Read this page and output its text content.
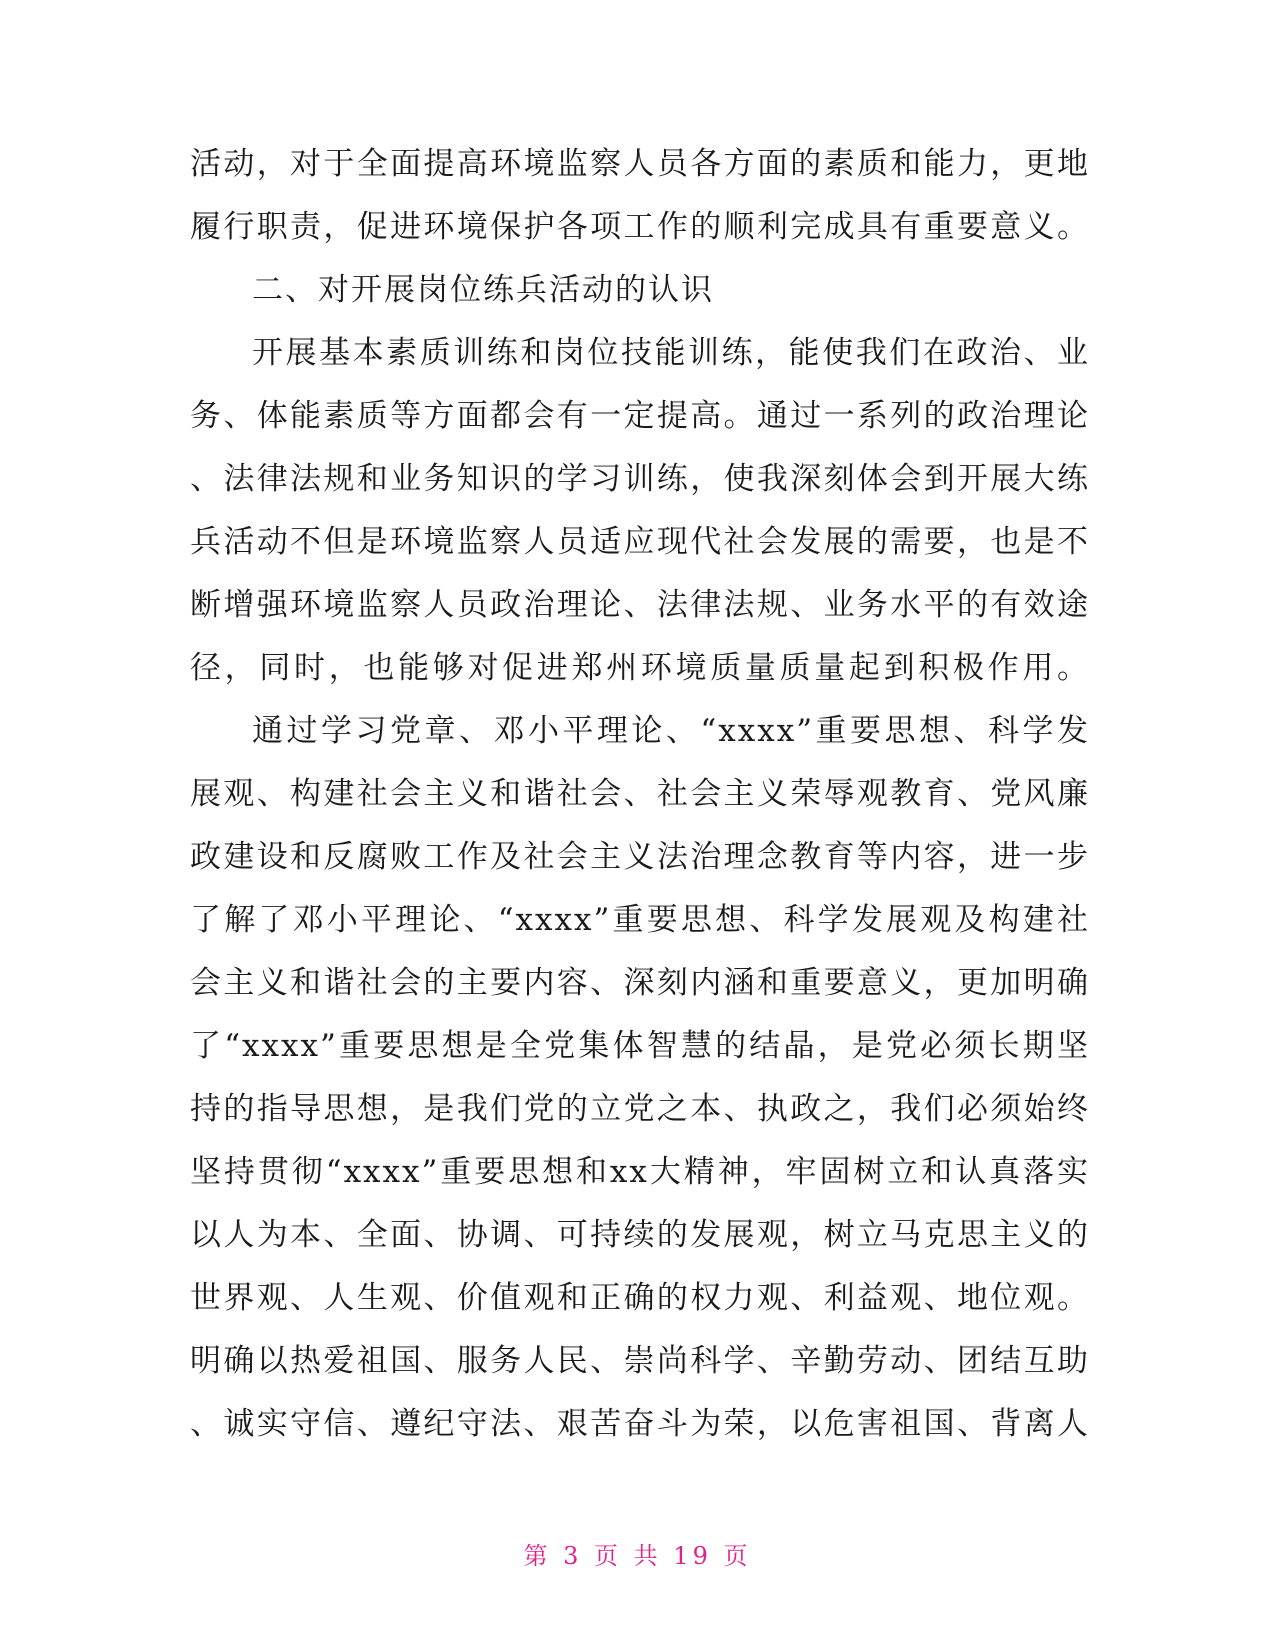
活动，对于全面提高环境监察人员各方面的素质和能力，更地
履行职责，促进环境保护各项工作的顺利完成具有重要意义。
二、对开展岗位练兵活动的认识
开展基本素质训练和岗位技能训练，能使我们在政治、业
务、体能素质等方面都会有一定提高。通过一系列的政治理论
、法律法规和业务知识的学习训练，使我深刻体会到开展大练
兵活动不但是环境监察人员适应现代社会发展的需要，也是不
断增强环境监察人员政治理论、法律法规、业务水平的有效途
径，同时，也能够对促进郑州环境质量质量起到积极作用。
通过学习党章、邓小平理论、“xxxx”重要思想、科学发
展观、构建社会主义和谐社会、社会主义荣辱观教育、党风廉
政建设和反腐败工作及社会主义法治理念教育等内容，进一步
了解了邓小平理论、“xxxx”重要思想、科学发展观及构建社
会主义和谐社会的主要内容、深刻内涵和重要意义，更加明确
了“xxxx”重要思想是全党集体智慧的结晶，是党必须长期坚
持的指导思想，是我们党的立党之本、执政之，我们必须始终
坚持贯彻“xxxx”重要思想和xx大精神，牢固树立和认真落实
以人为本、全面、协调、可持续的发展观，树立马克思主义的
世界观、人生观、价值观和正确的权力观、利益观、地位观。
明确以热爱祖国、服务人民、崇尚科学、辛勤劳动、团结互助
、诚实守信、遵纪守法、艰苦奋斗为荣，以危害祖国、背离人
第 3 页 共 19 页
